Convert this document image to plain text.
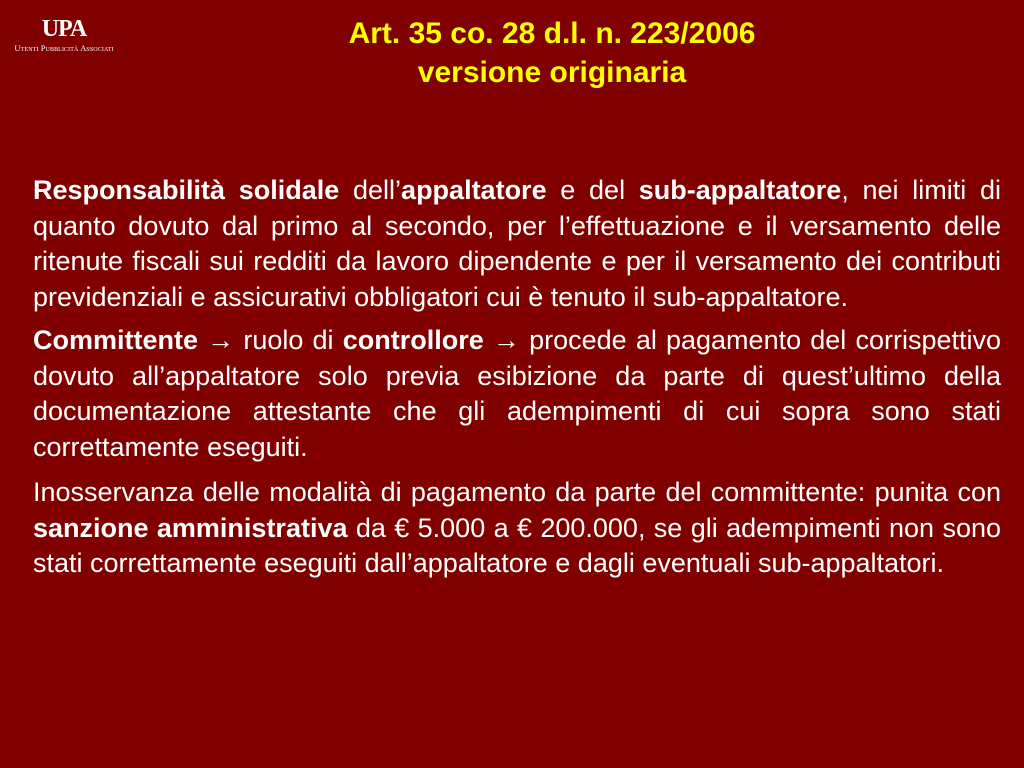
UPA
Utenti Pubblicità Associati	Art. 35 co. 28 d.l. n. 223/2006
versione originaria

Responsabilità solidale dell’appaltatore e del sub-appaltatore, nei limiti di quanto dovuto dal primo al secondo, per l’effettuazione e il versamento delle ritenute fiscali sui redditi da lavoro dipendente e per il versamento dei contributi previdenziali e assicurativi obbligatori cui è tenuto il sub-appaltatore.

Committente → ruolo di controllore → procede al pagamento del corrispettivo dovuto all’appaltatore solo previa esibizione da parte di quest’ultimo della documentazione attestante che gli adempimenti di cui sopra sono stati correttamente eseguiti.

Inosservanza delle modalità di pagamento da parte del committente: punita con sanzione amministrativa da € 5.000 a € 200.000, se gli adempimenti non sono stati correttamente eseguiti dall’appaltatore e dagli eventuali sub-appaltatori.
